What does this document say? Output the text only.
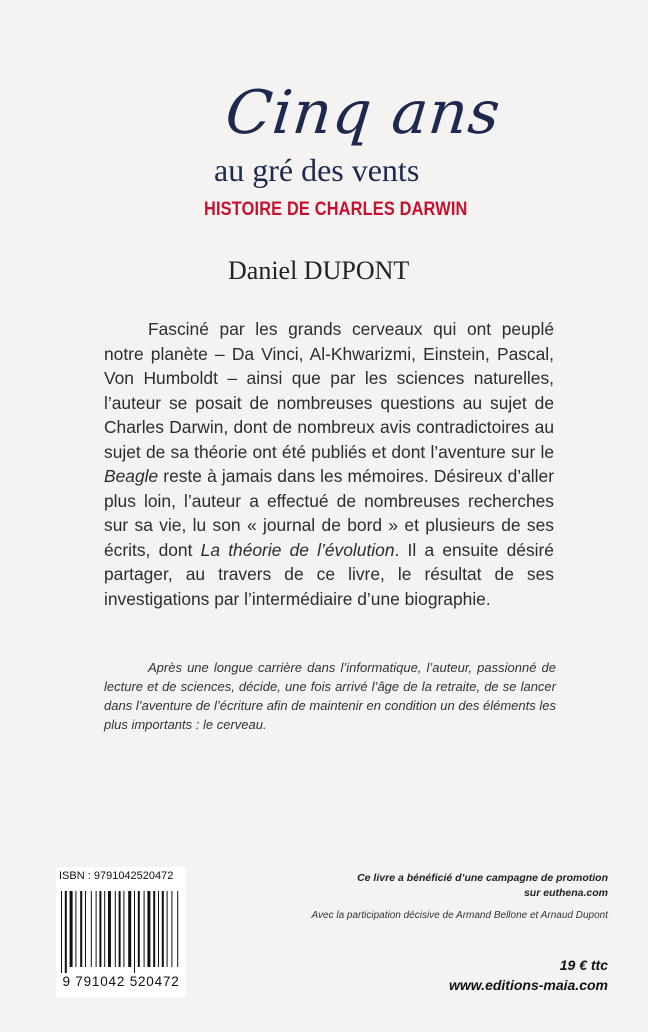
Cinq ans
au gré des vents
HISTOIRE DE CHARLES DARWIN
Daniel DUPONT

Fasciné par les grands cerveaux qui ont peuplé notre planète – Da Vinci, Al-Khwarizmi, Einstein, Pascal, Von Humboldt – ainsi que par les sciences naturelles, l’auteur se posait de nombreuses questions au sujet de Charles Darwin, dont de nombreux avis contradictoires au sujet de sa théorie ont été publiés et dont l’aventure sur le Beagle reste à jamais dans les mémoires. Désireux d’aller plus loin, l’auteur a effectué de nombreuses recherches sur sa vie, lu son « journal de bord » et plusieurs de ses écrits, dont La théorie de l’évolution. Il a ensuite désiré partager, au travers de ce livre, le résultat de ses investigations par l’intermédiaire d’une biographie.

Après une longue carrière dans l’informatique, l’auteur, passionné de lecture et de sciences, décide, une fois arrivé l’âge de la retraite, de se lancer dans l’aventure de l’écriture afin de maintenir en condition un des éléments les plus importants : le cerveau.

ISBN : 9791042520472
9 791042 520472
Ce livre a bénéficié d’une campagne de promotion
sur euthena.com
Avec la participation décisive de Armand Bellone et Arnaud Dupont
19 € ttc
www.editions-maia.com
